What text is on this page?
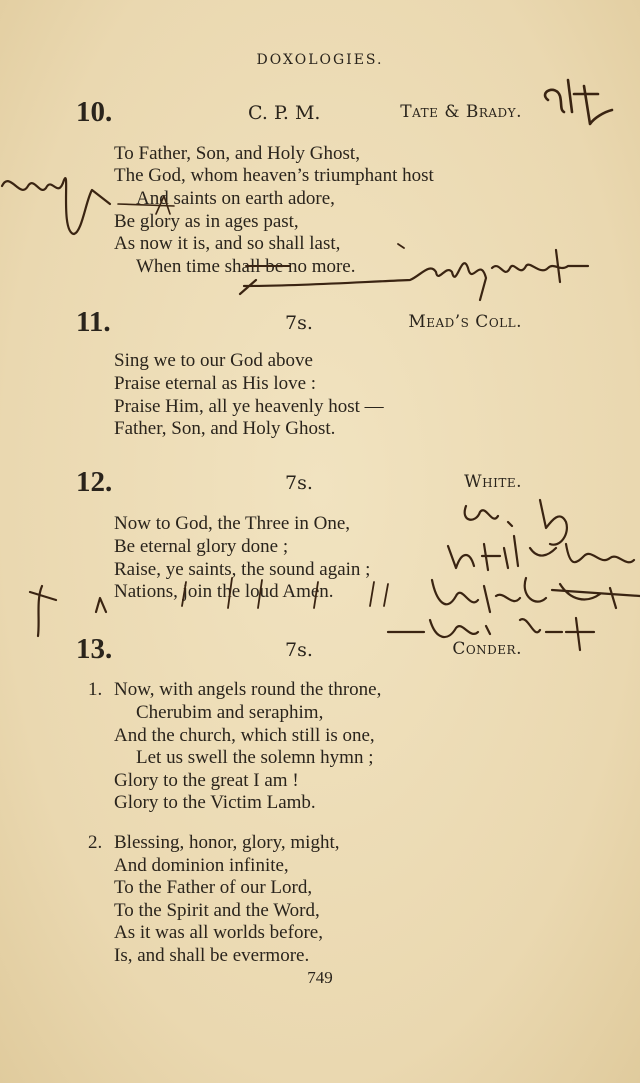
DOXOLOGIES.
10.	C. P. M.	Tate & Brady.
To Father, Son, and Holy Ghost,
The God, whom heaven’s triumphant host
And saints on earth adore,
Be glory as in ages past,
As now it is, and so shall last,
When time shall be no more.
11.	7s.	Mead’s Coll.
Sing we to our God above
Praise eternal as His love :
Praise Him, all ye heavenly host —
Father, Son, and Holy Ghost.
12.	7s.	White.
Now to God, the Three in One,
Be eternal glory done ;
Raise, ye saints, the sound again ;
Nations, join the loud Amen.
13.	7s.	Conder.
1. Now, with angels round the throne,
Cherubim and seraphim,
And the church, which still is one,
Let us swell the solemn hymn ;
Glory to the great I am !
Glory to the Victim Lamb.
2. Blessing, honor, glory, might,
And dominion infinite,
To the Father of our Lord,
To the Spirit and the Word,
As it was all worlds before,
Is, and shall be evermore.
749
